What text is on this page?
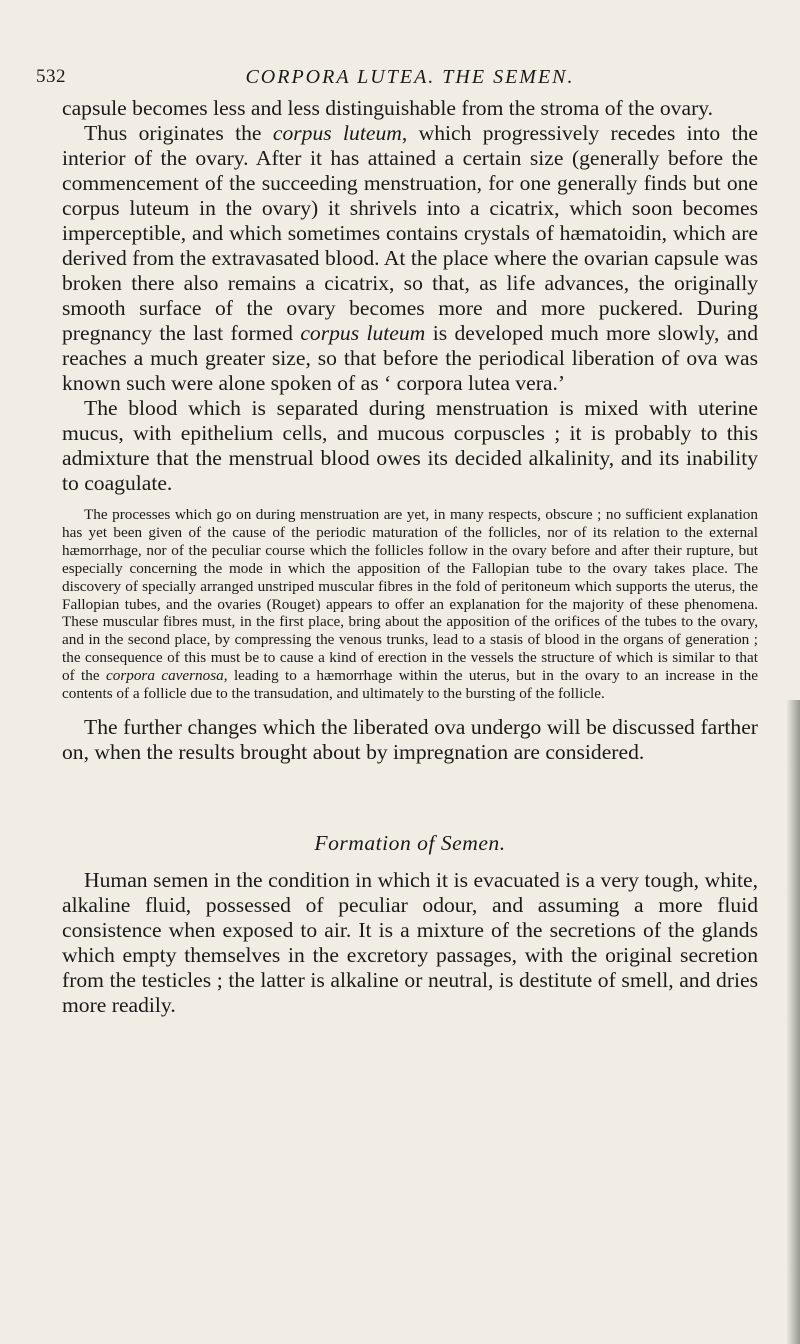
532	CORPORA LUTEA. THE SEMEN.

capsule becomes less and less distinguishable from the stroma of the ovary.

Thus originates the corpus luteum, which progressively recedes into the interior of the ovary. After it has attained a certain size (generally before the commencement of the succeeding menstruation, for one generally finds but one corpus luteum in the ovary) it shrivels into a cicatrix, which soon becomes imperceptible, and which sometimes contains crystals of hæmatoidin, which are derived from the extravasated blood. At the place where the ovarian capsule was broken there also remains a cicatrix, so that, as life advances, the originally smooth surface of the ovary becomes more and more puckered. During pregnancy the last formed corpus luteum is developed much more slowly, and reaches a much greater size, so that before the periodical liberation of ova was known such were alone spoken of as ‘ corpora lutea vera.’

The blood which is separated during menstruation is mixed with uterine mucus, with epithelium cells, and mucous corpuscles ; it is probably to this admixture that the menstrual blood owes its decided alkalinity, and its inability to coagulate.

The processes which go on during menstruation are yet, in many respects, obscure ; no sufficient explanation has yet been given of the cause of the periodic maturation of the follicles, nor of its relation to the external hæmorrhage, nor of the peculiar course which the follicles follow in the ovary before and after their rupture, but especially concerning the mode in which the apposition of the Fallopian tube to the ovary takes place. The discovery of specially arranged unstriped muscular fibres in the fold of peritoneum which supports the uterus, the Fallopian tubes, and the ovaries (Rouget) appears to offer an explanation for the majority of these phenomena. These muscular fibres must, in the first place, bring about the apposition of the orifices of the tubes to the ovary, and in the second place, by compressing the venous trunks, lead to a stasis of blood in the organs of generation ; the consequence of this must be to cause a kind of erection in the vessels the structure of which is similar to that of the corpora cavernosa, leading to a hæmorrhage within the uterus, but in the ovary to an increase in the contents of a follicle due to the transudation, and ultimately to the bursting of the follicle.

The further changes which the liberated ova undergo will be discussed farther on, when the results brought about by impregnation are considered.

Formation of Semen.

Human semen in the condition in which it is evacuated is a very tough, white, alkaline fluid, possessed of peculiar odour, and assuming a more fluid consistence when exposed to air. It is a mixture of the secretions of the glands which empty themselves in the excretory passages, with the original secretion from the testicles ; the latter is alkaline or neutral, is destitute of smell, and dries more readily.
